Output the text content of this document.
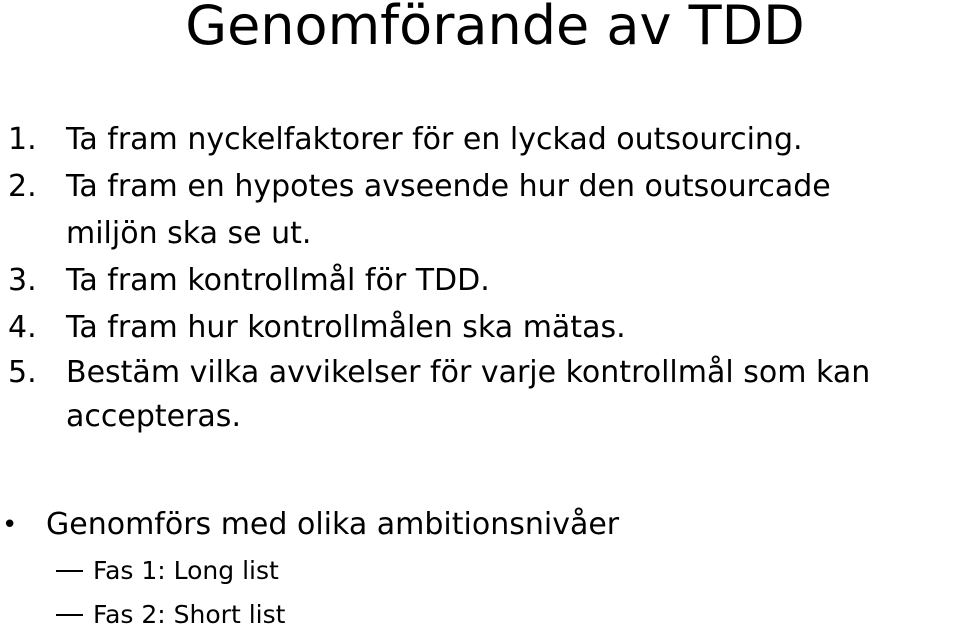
Genomförande av TDD
1. Ta fram nyckelfaktorer för en lyckad outsourcing.
2. Ta fram en hypotes avseende hur den outsourcade
miljön ska se ut.
3. Ta fram kontrollmål för TDD.
4. Ta fram hur kontrollmålen ska mätas.
5. Bestäm vilka avvikelser för varje kontrollmål som kan
accepteras.
• Genomförs med olika ambitionsnivåer
Fas 1: Long list
Fas 2: Short list
